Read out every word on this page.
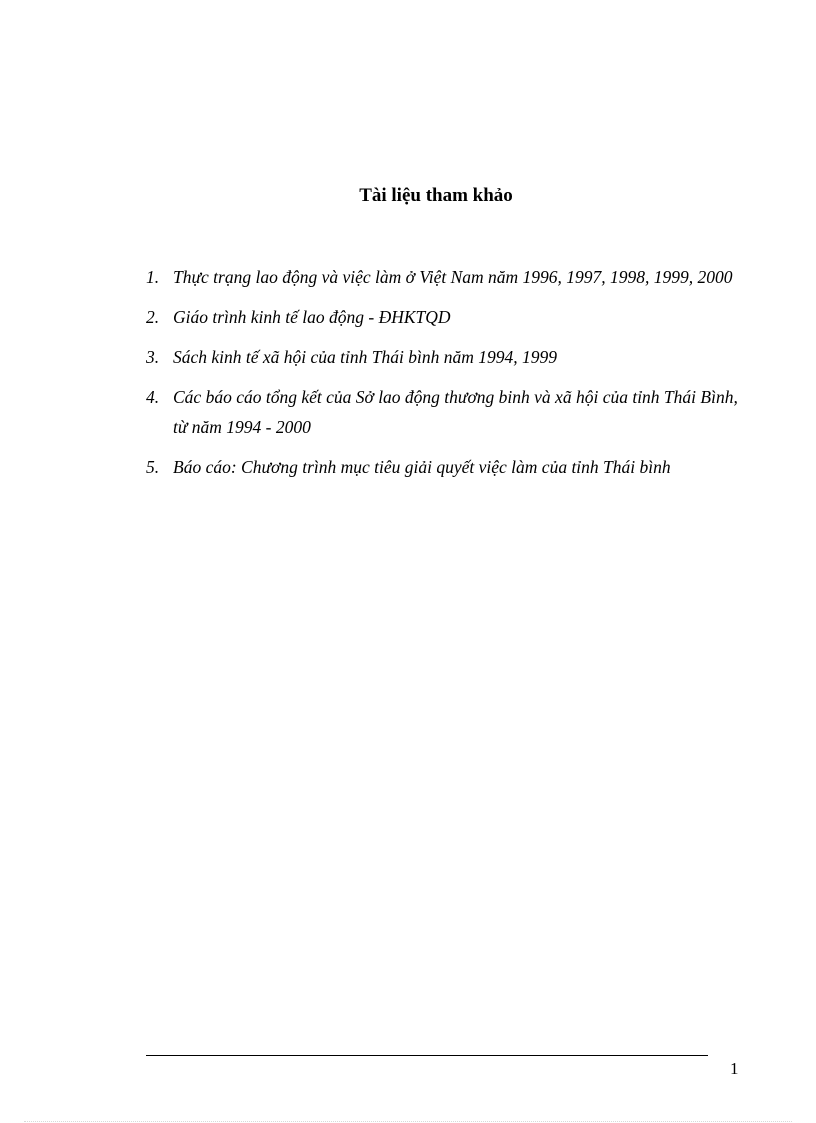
Tài liệu tham khảo
1. Thực trạng lao động và việc làm ở Việt Nam năm 1996, 1997, 1998, 1999, 2000
2. Giáo trình kinh tế lao động - ĐHKTQD
3. Sách kinh tế xã hội của tỉnh Thái bình năm 1994, 1999
4. Các báo cáo tổng kết của Sở lao động thương binh và xã hội của tỉnh Thái Bình, từ năm 1994 - 2000
5. Báo cáo: Chương trình mục tiêu giải quyết việc làm của tỉnh Thái bình
1
